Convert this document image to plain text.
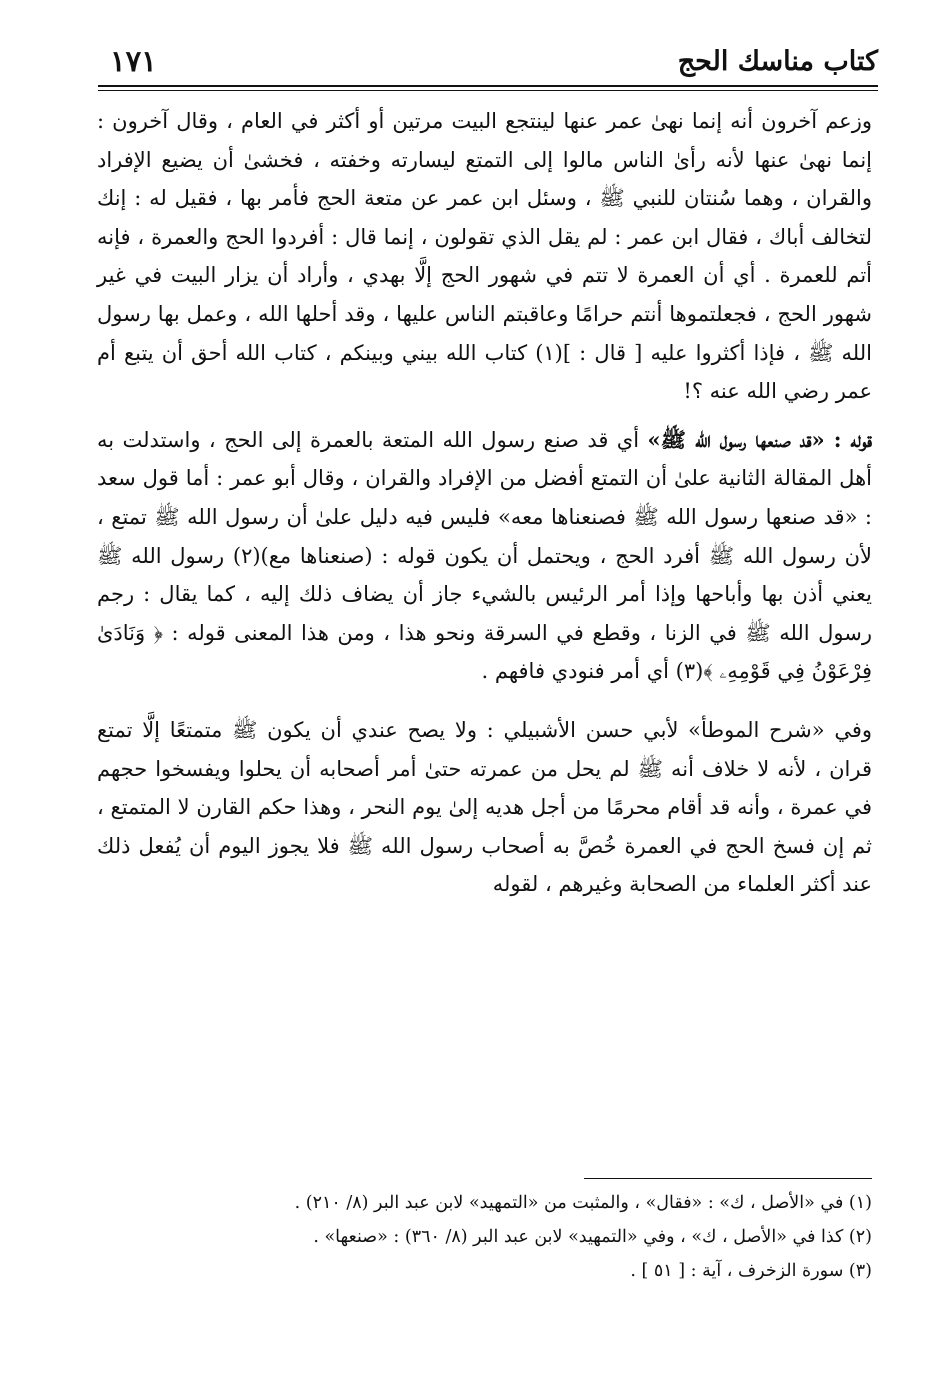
كتاب مناسك الحج
١٧١

وزعم آخرون أنه إنما نهىٰ عمر عنها لينتجع البيت مرتين أو أكثر في العام ، وقال آخرون : إنما نهىٰ عنها لأنه رأىٰ الناس مالوا إلى التمتع ليسارته وخفته ، فخشىٰ أن يضيع الإفراد والقران ، وهما سُنتان للنبي ﷺ ، وسئل ابن عمر عن متعة الحج فأمر بها ، فقيل له : إنك لتخالف أباك ، فقال ابن عمر : لم يقل الذي تقولون ، إنما قال : أفردوا الحج والعمرة ، فإنه أتم للعمرة . أي أن العمرة لا تتم في شهور الحج إلَّا بهدي ، وأراد أن يزار البيت في غير شهور الحج ، فجعلتموها أنتم حرامًا وعاقبتم الناس عليها ، وقد أحلها الله ، وعمل بها رسول الله ﷺ ، فإذا أكثروا عليه [ قال : ](١) كتاب الله بيني وبينكم ، كتاب الله أحق أن يتبع أم عمر رضي الله عنه ؟!

قوله : «قد صنعها رسول الله ﷺ» أي قد صنع رسول الله المتعة بالعمرة إلى الحج ، واستدلت به أهل المقالة الثانية علىٰ أن التمتع أفضل من الإفراد والقران ، وقال أبو عمر : أما قول سعد : «قد صنعها رسول الله ﷺ فصنعناها معه» فليس فيه دليل علىٰ أن رسول الله ﷺ تمتع ، لأن رسول الله ﷺ أفرد الحج ، ويحتمل أن يكون قوله : (صنعناها مع)(٢) رسول الله ﷺ يعني أذن بها وأباحها وإذا أمر الرئيس بالشيء جاز أن يضاف ذلك إليه ، كما يقال : رجم رسول الله ﷺ في الزنا ، وقطع في السرقة ونحو هذا ، ومن هذا المعنى قوله : ﴿ وَنَادَىٰ فِرْعَوْنُ فِي قَوْمِهِۦ ﴾(٣) أي أمر فنودي فافهم .

وفي «شرح الموطأ» لأبي حسن الأشبيلي : ولا يصح عندي أن يكون ﷺ متمتعًا إلَّا تمتع قران ، لأنه لا خلاف أنه ﷺ لم يحل من عمرته حتىٰ أمر أصحابه أن يحلوا ويفسخوا حجهم في عمرة ، وأنه قد أقام محرمًا من أجل هديه إلىٰ يوم النحر ، وهذا حكم القارن لا المتمتع ، ثم إن فسخ الحج في العمرة خُصَّ به أصحاب رسول الله ﷺ فلا يجوز اليوم أن يُفعل ذلك عند أكثر العلماء من الصحابة وغيرهم ، لقوله

(١) في «الأصل ، ك» : «فقال» ، والمثبت من «التمهيد» لابن عبد البر (٨/ ٢١٠) .

(٢) كذا في «الأصل ، ك» ، وفي «التمهيد» لابن عبد البر (٨/ ٣٦٠) : «صنعها» .

(٣) سورة الزخرف ، آية : [ ٥١ ] .
